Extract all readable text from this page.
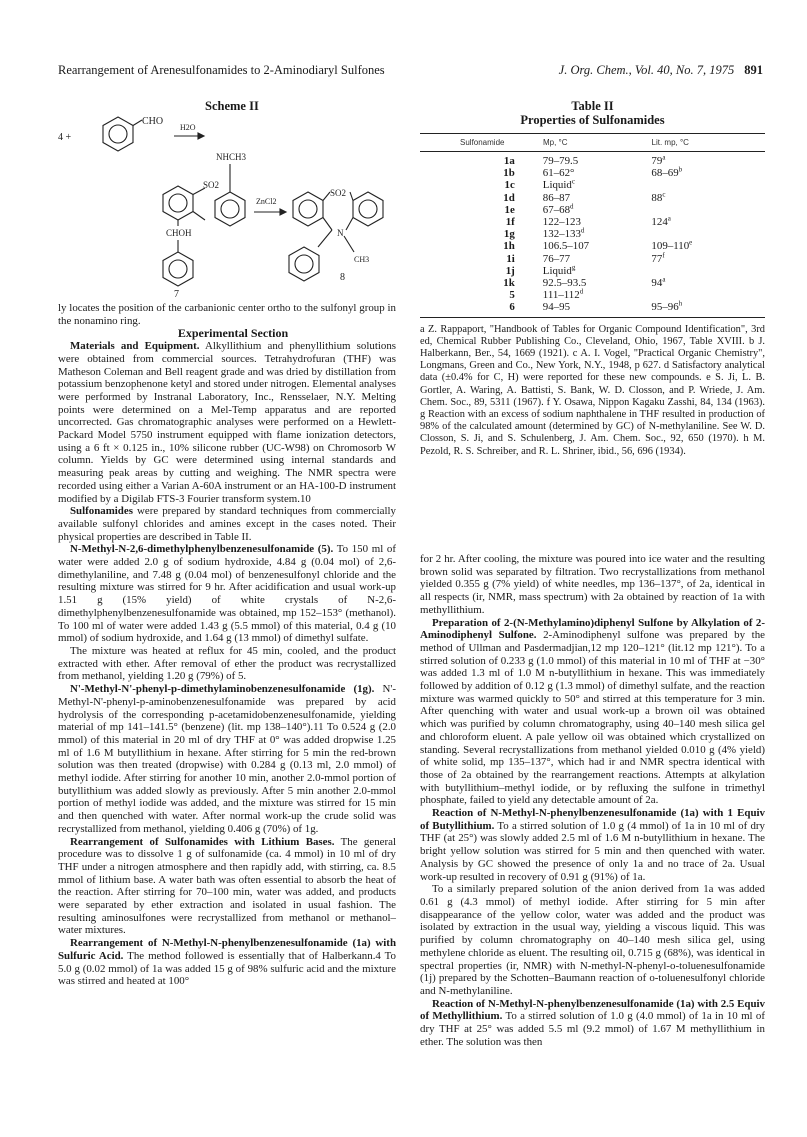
Rearrangement of Arenesulfonamides to 2-Aminodiaryl Sulfones	J. Org. Chem., Vol. 40, No. 7, 1975 891
Scheme II
4 +
CHO
H2O
SO2
NHCH3
CHOH
ZnCl2
SO2
N
CH3
7
8

ly locates the position of the carbanionic center ortho to the sulfonyl group in the nonamino ring.

Experimental Section

Materials and Equipment. Alkyllithium and phenyllithium solutions were obtained from commercial sources. Tetrahydrofuran (THF) was Matheson Coleman and Bell reagent grade and was dried by distillation from potassium benzophenone ketyl and stored under nitrogen. Elemental analyses were performed by Instranal Laboratory, Inc., Rensselaer, N.Y. Melting points were determined on a Mel-Temp apparatus and are reported uncorrected. Gas chromatographic analyses were performed on a Hewlett-Packard Model 5750 instrument equipped with flame ionization detectors, using a 6 ft × 0.125 in., 10% silicone rubber (UC-W98) on Chromosorb W column. Yields by GC were determined using internal standards and measuring peak areas by cutting and weighing. The NMR spectra were recorded using either a Varian A-60A instrument or an HA-100-D instrument modified by a Digilab FTS-3 Fourier transform system.10

Sulfonamides were prepared by standard techniques from commercially available sulfonyl chlorides and amines except in the cases noted. Their physical properties are described in Table II.

N-Methyl-N-2,6-dimethylphenylbenzenesulfonamide (5). To 150 ml of water were added 2.0 g of sodium hydroxide, 4.84 g (0.04 mol) of 2,6-dimethylaniline, and 7.48 g (0.04 mol) of benzenesulfonyl chloride and the resulting mixture was stirred for 9 hr. After acidification and usual work-up 1.51 g (15% yield) of white crystals of N-2,6-dimethylphenylbenzenesulfonamide was obtained, mp 152–153° (methanol). To 100 ml of water were added 1.43 g (5.5 mmol) of this material, 0.4 g (10 mmol) of sodium hydroxide, and 1.64 g (13 mmol) of dimethyl sulfate.

The mixture was heated at reflux for 45 min, cooled, and the product extracted with ether. After removal of ether the product was recrystallized from methanol, yielding 1.20 g (79%) of 5.

N'-Methyl-N'-phenyl-p-dimethylaminobenzenesulfonamide (1g). N'-Methyl-N'-phenyl-p-aminobenzenesulfonamide was prepared by acid hydrolysis of the corresponding p-acetamidobenzenesulfonamide, yielding material of mp 141–141.5° (benzene) (lit. mp 138–140°).11 To 0.524 g (2.0 mmol) of this material in 20 ml of dry THF at 0° was added dropwise 1.25 ml of 1.6 M butyllithium in hexane. After stirring for 5 min the red-brown solution was then treated (dropwise) with 0.284 g (0.13 ml, 2.0 mmol) of methyl iodide. After stirring for another 10 min, another 2.0-mmol portion of butyllithium was added slowly as previously. After 5 min another 2.0-mmol portion of methyl iodide was added, and the mixture was stirred for 15 min and then quenched with water. After normal work-up the crude solid was recrystallized from methanol, yielding 0.406 g (70%) of 1g.

Rearrangement of Sulfonamides with Lithium Bases. The general procedure was to dissolve 1 g of sulfonamide (ca. 4 mmol) in 10 ml of dry THF under a nitrogen atmosphere and then rapidly add, with stirring, ca. 8.5 mmol of lithium base. A water bath was often essential to absorb the heat of the reaction. After stirring for 70–100 min, water was added, and products were separated by ether extraction and isolated in usual fashion. The resulting aminosulfones were recrystallized from methanol or methanol–water mixtures.

Rearrangement of N-Methyl-N-phenylbenzenesulfonamide (1a) with Sulfuric Acid. The method followed is essentially that of Halberkann.4 To 5.0 g (0.02 mmol) of 1a was added 15 g of 98% sulfuric acid and the mixture was stirred and heated at 100°

Table II
Properties of Sulfonamides
Sulfonamide	Mp, °C	Lit. mp, °C
1a	79–79.5	79$^a$
1b	61–62°	68–69$^b$
1c	Liquid$^c$
1d	86–87	88$^c$
1e	67–68$^d$
1f	122–123	124$^a$
1g	132–133$^d$
1h	106.5–107	109–110e
1i	76–77	77$^f$
1j	Liquid$^g$
1k	92.5–93.5	94$^a$
5	111–112$^d$
6	94–95	95–96$^h$
a Z. Rappaport, "Handbook of Tables for Organic Compound Identification", 3rd ed, Chemical Rubber Publishing Co., Cleveland, Ohio, 1967, Table XVIII. b J. Halberkann, Ber., 54, 1669 (1921). c A. I. Vogel, "Practical Organic Chemistry", Longmans, Green and Co., New York, N.Y., 1948, p 627. d Satisfactory analytical data (±0.4% for C, H) were reported for these new compounds. e S. Ji, L. B. Gortler, A. Waring, A. Battisti, S. Bank, W. D. Closson, and P. Wriede, J. Am. Chem. Soc., 89, 5311 (1967). f Y. Osawa, Nippon Kagaku Zasshi, 84, 134 (1963). g Reaction with an excess of sodium naphthalene in THF resulted in production of 98% of the calculated amount (determined by GC) of N-methylaniline. See W. D. Closson, S. Ji, and S. Schulenberg, J. Am. Chem. Soc., 92, 650 (1970). h M. Pezold, R. S. Schreiber, and R. L. Shriner, ibid., 56, 696 (1934).

for 2 hr. After cooling, the mixture was poured into ice water and the resulting brown solid was separated by filtration. Two recrystallizations from methanol yielded 0.355 g (7% yield) of white needles, mp 136–137°, of 2a, identical in all respects (ir, NMR, mass spectrum) with 2a obtained by reaction of 1a with methyllithium.

Preparation of 2-(N-Methylamino)diphenyl Sulfone by Alkylation of 2-Aminodiphenyl Sulfone. 2-Aminodiphenyl sulfone was prepared by the method of Ullman and Pasdermadjian,12 mp 120–121° (lit.12 mp 121°). To a stirred solution of 0.233 g (1.0 mmol) of this material in 10 ml of THF at −30° was added 1.3 ml of 1.0 M n-butyllithium in hexane. This was immediately followed by addition of 0.12 g (1.3 mmol) of dimethyl sulfate, and the reaction mixture was warmed quickly to 50° and stirred at this temperature for 3 min. After quenching with water and usual work-up a brown oil was obtained which was purified by column chromatography, using 40–140 mesh silica gel and chloroform eluent. A pale yellow oil was obtained which crystallized on standing. Several recrystallizations from methanol yielded 0.010 g (4% yield) of white solid, mp 135–137°, which had ir and NMR spectra identical with those of 2a obtained by the rearrangement reactions. Attempts at alkylation with butyllithium–methyl iodide, or by refluxing the sulfone in trimethyl phosphate, failed to yield any detectable amount of 2a.

Reaction of N-Methyl-N-phenylbenzenesulfonamide (1a) with 1 Equiv of Butyllithium. To a stirred solution of 1.0 g (4 mmol) of 1a in 10 ml of dry THF (at 25°) was slowly added 2.5 ml of 1.6 M n-butyllithium in hexane. The bright yellow solution was stirred for 5 min and then quenched with water. Analysis by GC showed the presence of only 1a and no trace of 2a. Usual work-up resulted in recovery of 0.91 g (91%) of 1a.

To a similarly prepared solution of the anion derived from 1a was added 0.61 g (4.3 mmol) of methyl iodide. After stirring for 5 min after disappearance of the yellow color, water was added and the product was isolated by extraction in the usual way, yielding a viscous liquid. This was purified by column chromatography on 40–140 mesh silica gel, using methylene chloride as eluent. The resulting oil, 0.715 g (68%), was identical in spectral properties (ir, NMR) with N-methyl-N-phenyl-o-toluenesulfonamide (1j) prepared by the Schotten–Baumann reaction of o-toluenesulfonyl chloride and N-methylaniline.

Reaction of N-Methyl-N-phenylbenzenesulfonamide (1a) with 2.5 Equiv of Methyllithium. To a stirred solution of 1.0 g (4.0 mmol) of 1a in 10 ml of dry THF at 25° was added 5.5 ml (9.2 mmol) of 1.67 M methyllithium in ether. The solution was then
